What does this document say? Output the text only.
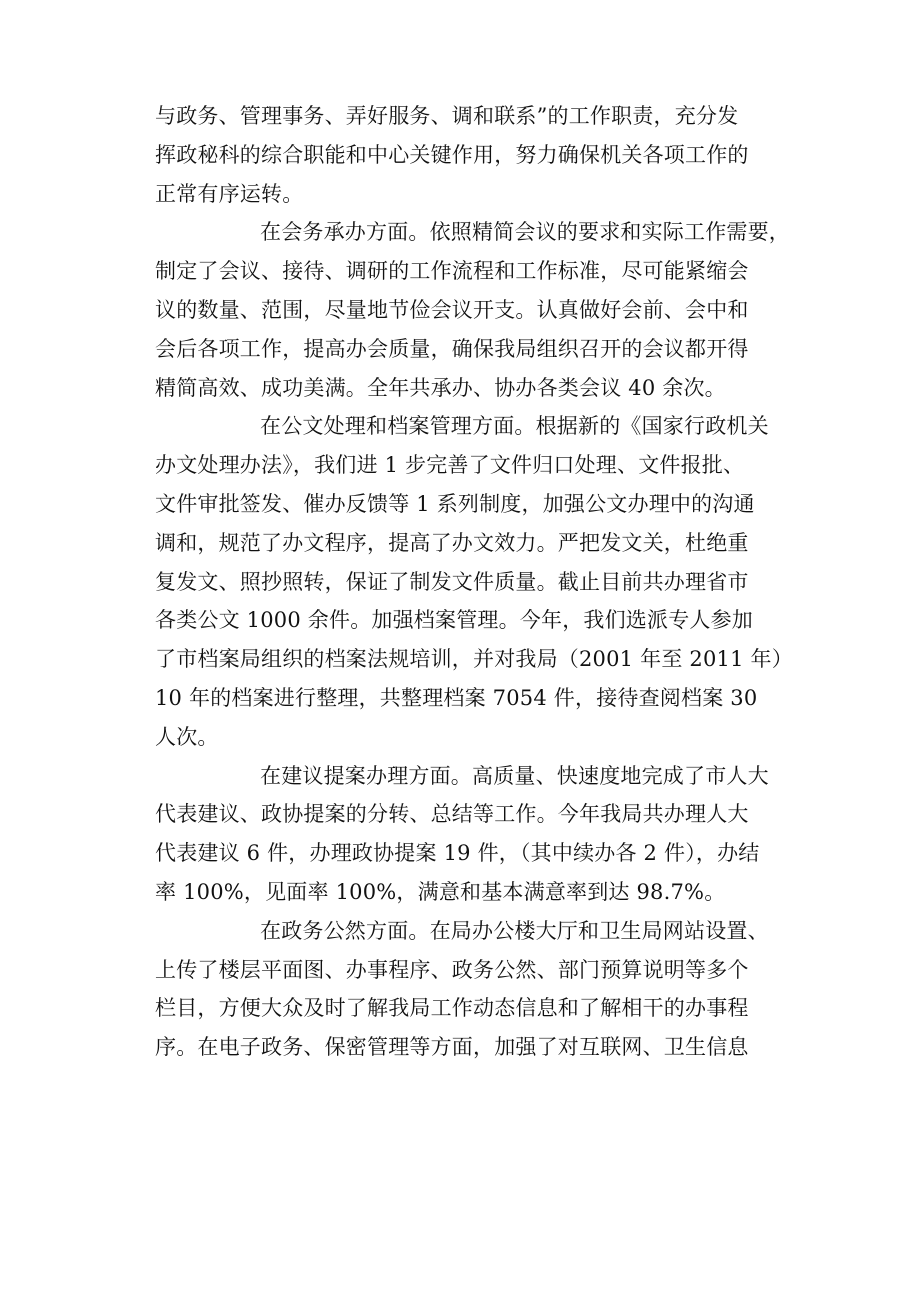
与政务、管理事务、弄好服务、调和联系”的工作职责，充分发
挥政秘科的综合职能和中心关键作用，努力确保机关各项工作的
正常有序运转。

在会务承办方面。依照精简会议的要求和实际工作需要，
制定了会议、接待、调研的工作流程和工作标准，尽可能紧缩会
议的数量、范围，尽量地节俭会议开支。认真做好会前、会中和
会后各项工作，提高办会质量，确保我局组织召开的会议都开得
精简高效、成功美满。全年共承办、协办各类会议 40 余次。

在公文处理和档案管理方面。根据新的《国家行政机关
办文处理办法》，我们进 1 步完善了文件归口处理、文件报批、
文件审批签发、催办反馈等 1 系列制度，加强公文办理中的沟通
调和，规范了办文程序，提高了办文效力。严把发文关，杜绝重
复发文、照抄照转，保证了制发文件质量。截止目前共办理省市
各类公文 1000 余件。加强档案管理。今年，我们选派专人参加
了市档案局组织的档案法规培训，并对我局（2001 年至 2011 年）
10 年的档案进行整理，共整理档案 7054 件，接待查阅档案 30
人次。

在建议提案办理方面。高质量、快速度地完成了市人大
代表建议、政协提案的分转、总结等工作。今年我局共办理人大
代表建议 6 件，办理政协提案 19 件，（其中续办各 2 件），办结
率 100%，见面率 100%，满意和基本满意率到达 98.7%。

在政务公然方面。在局办公楼大厅和卫生局网站设置、
上传了楼层平面图、办事程序、政务公然、部门预算说明等多个
栏目，方便大众及时了解我局工作动态信息和了解相干的办事程
序。在电子政务、保密管理等方面，加强了对互联网、卫生信息
